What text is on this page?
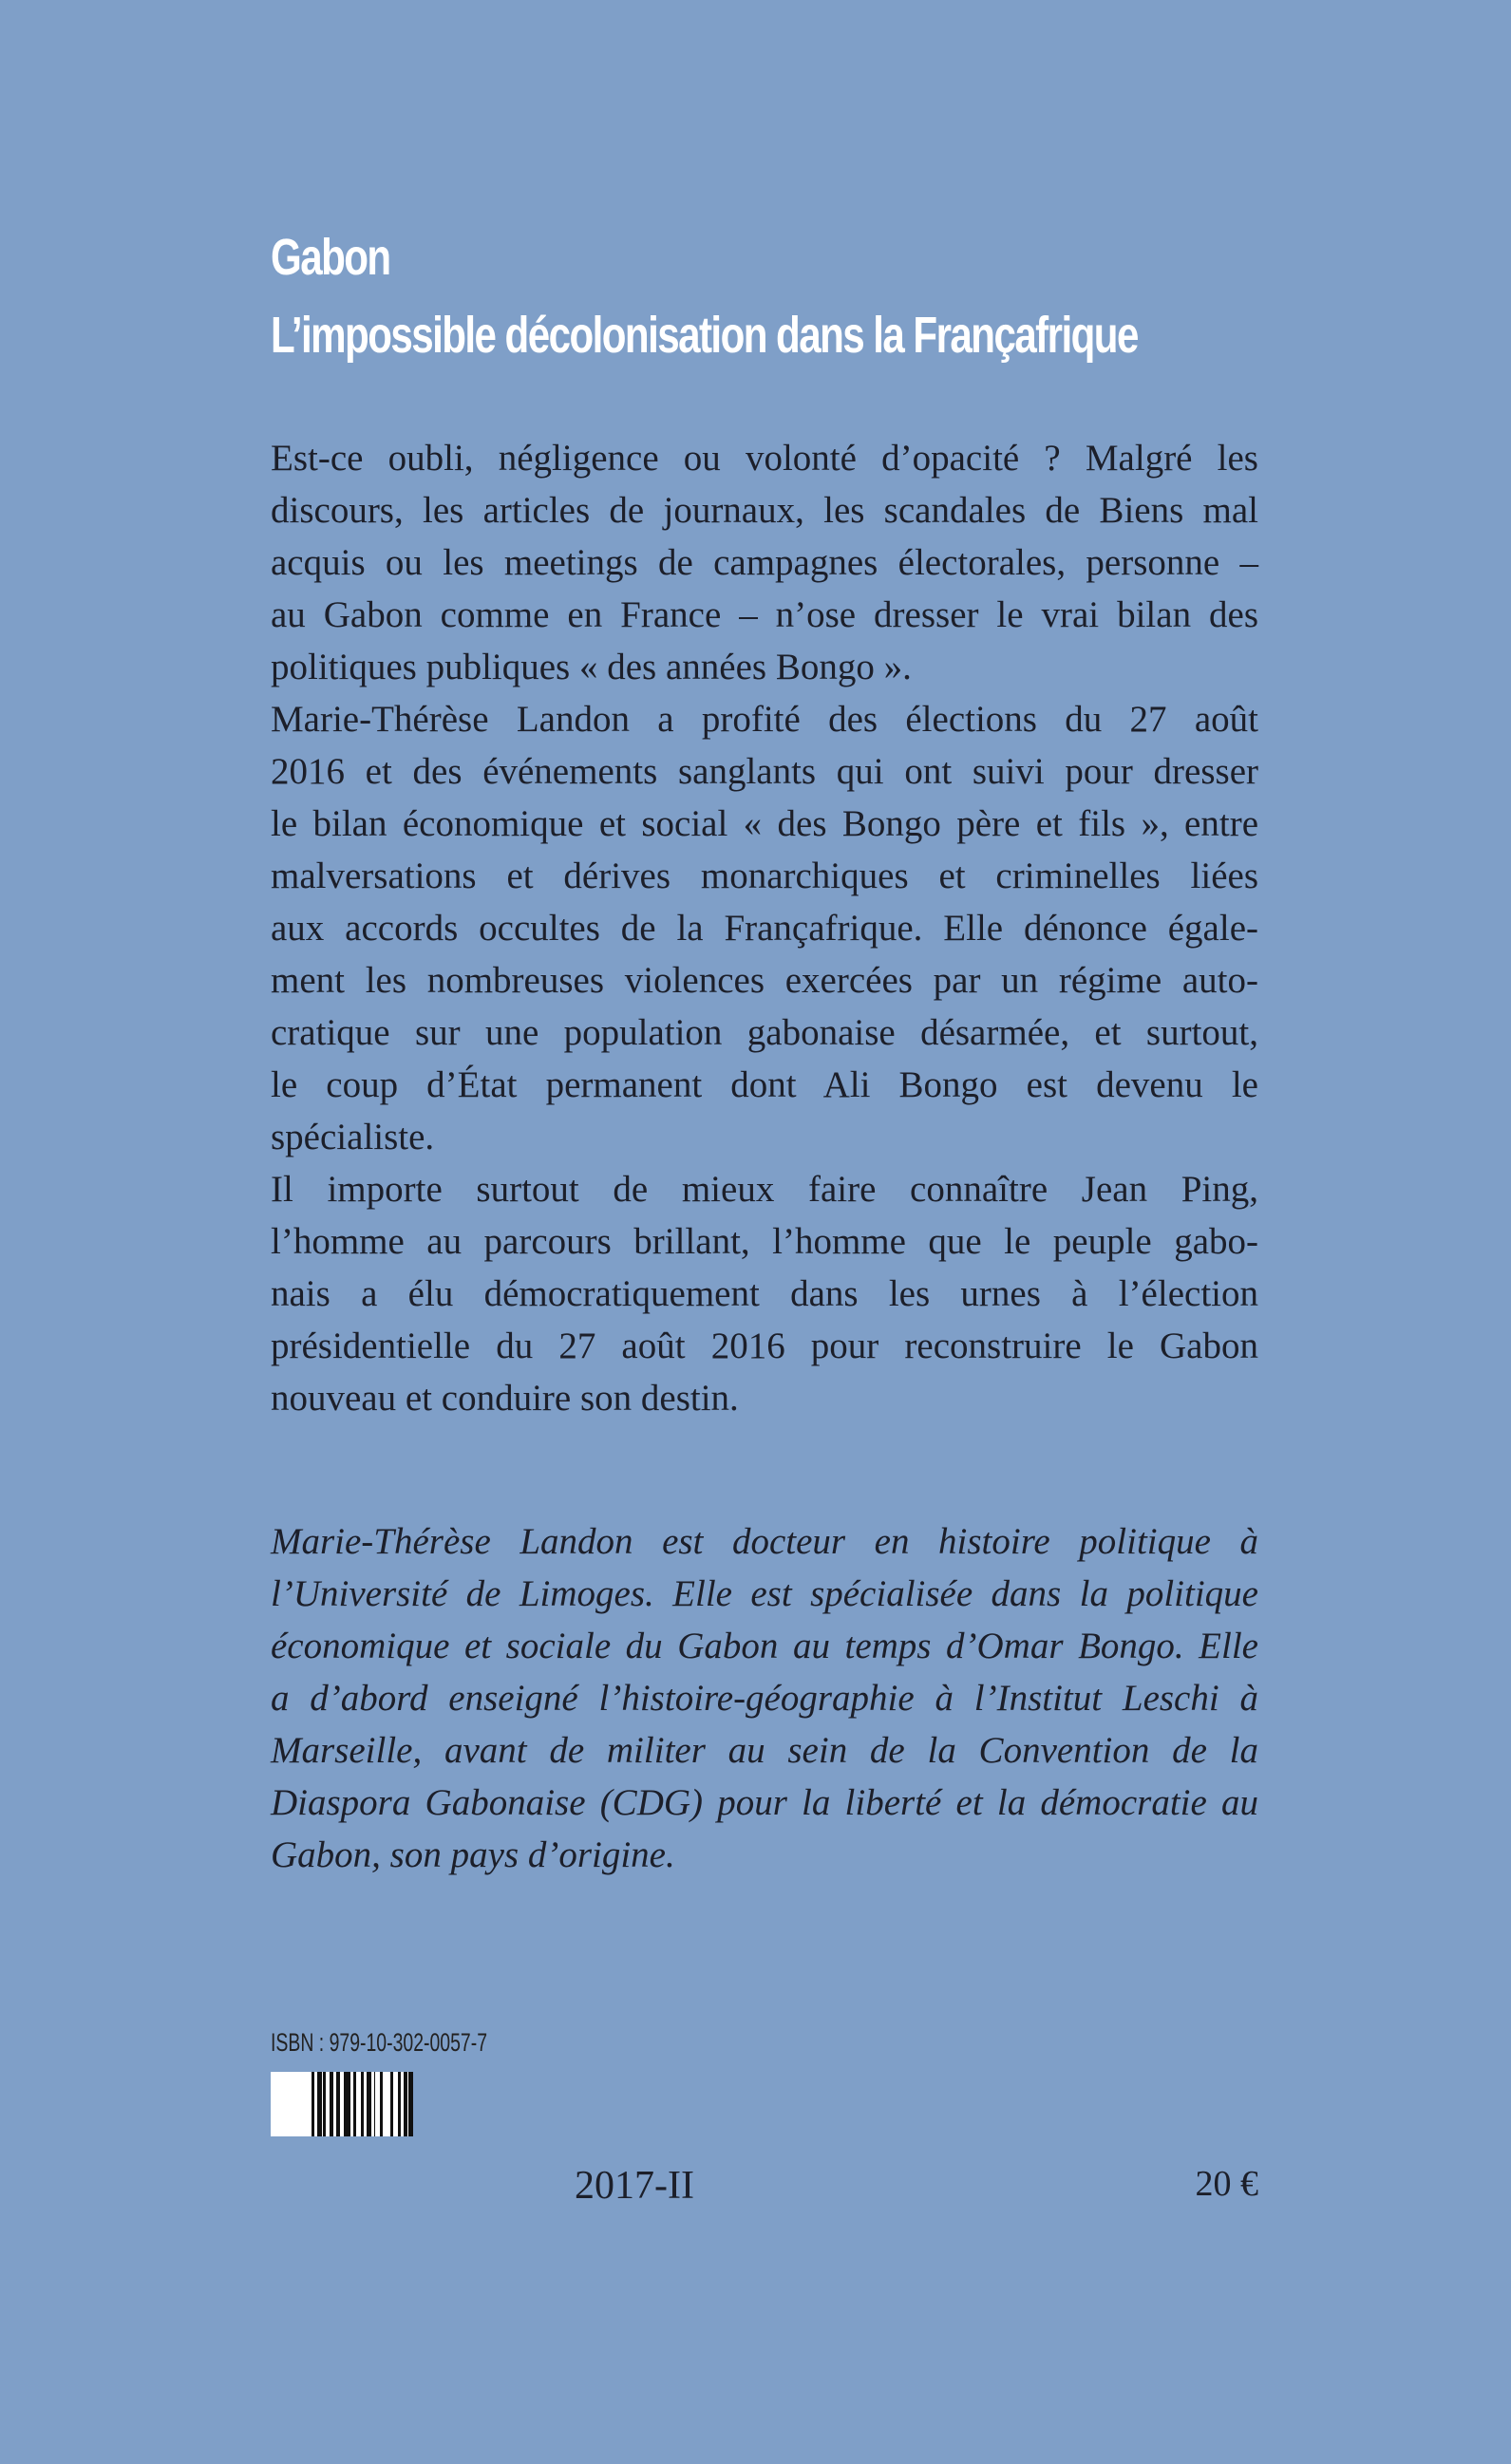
Gabon
L’impossible décolonisation dans la Françafrique
Est-ce oubli, négligence ou volonté d’opacité ? Malgré les
discours, les articles de journaux, les scandales de Biens mal
acquis ou les meetings de campagnes électorales, personne –
au Gabon comme en France – n’ose dresser le vrai bilan des
politiques publiques « des années Bongo ».
Marie-Thérèse Landon a profité des élections du 27 août
2016 et des événements sanglants qui ont suivi pour dresser
le bilan économique et social « des Bongo père et fils », entre
malversations et dérives monarchiques et criminelles liées
aux accords occultes de la Françafrique. Elle dénonce égale-
ment les nombreuses violences exercées par un régime auto-
cratique sur une population gabonaise désarmée, et surtout,
le coup d’État permanent dont Ali Bongo est devenu le
spécialiste.
Il importe surtout de mieux faire connaître Jean Ping,
l’homme au parcours brillant, l’homme que le peuple gabo-
nais a élu démocratiquement dans les urnes à l’élection
présidentielle du 27 août 2016 pour reconstruire le Gabon
nouveau et conduire son destin.
Marie-Thérèse Landon est docteur en histoire politique à
l’Université de Limoges. Elle est spécialisée dans la politique
économique et sociale du Gabon au temps d’Omar Bongo. Elle
a d’abord enseigné l’histoire-géographie à l’Institut Leschi à
Marseille, avant de militer au sein de la Convention de la
Diaspora Gabonaise (CDG) pour la liberté et la démocratie au
Gabon, son pays d’origine.
ISBN : 979-10-302-0057-7
2017-II	20 €
